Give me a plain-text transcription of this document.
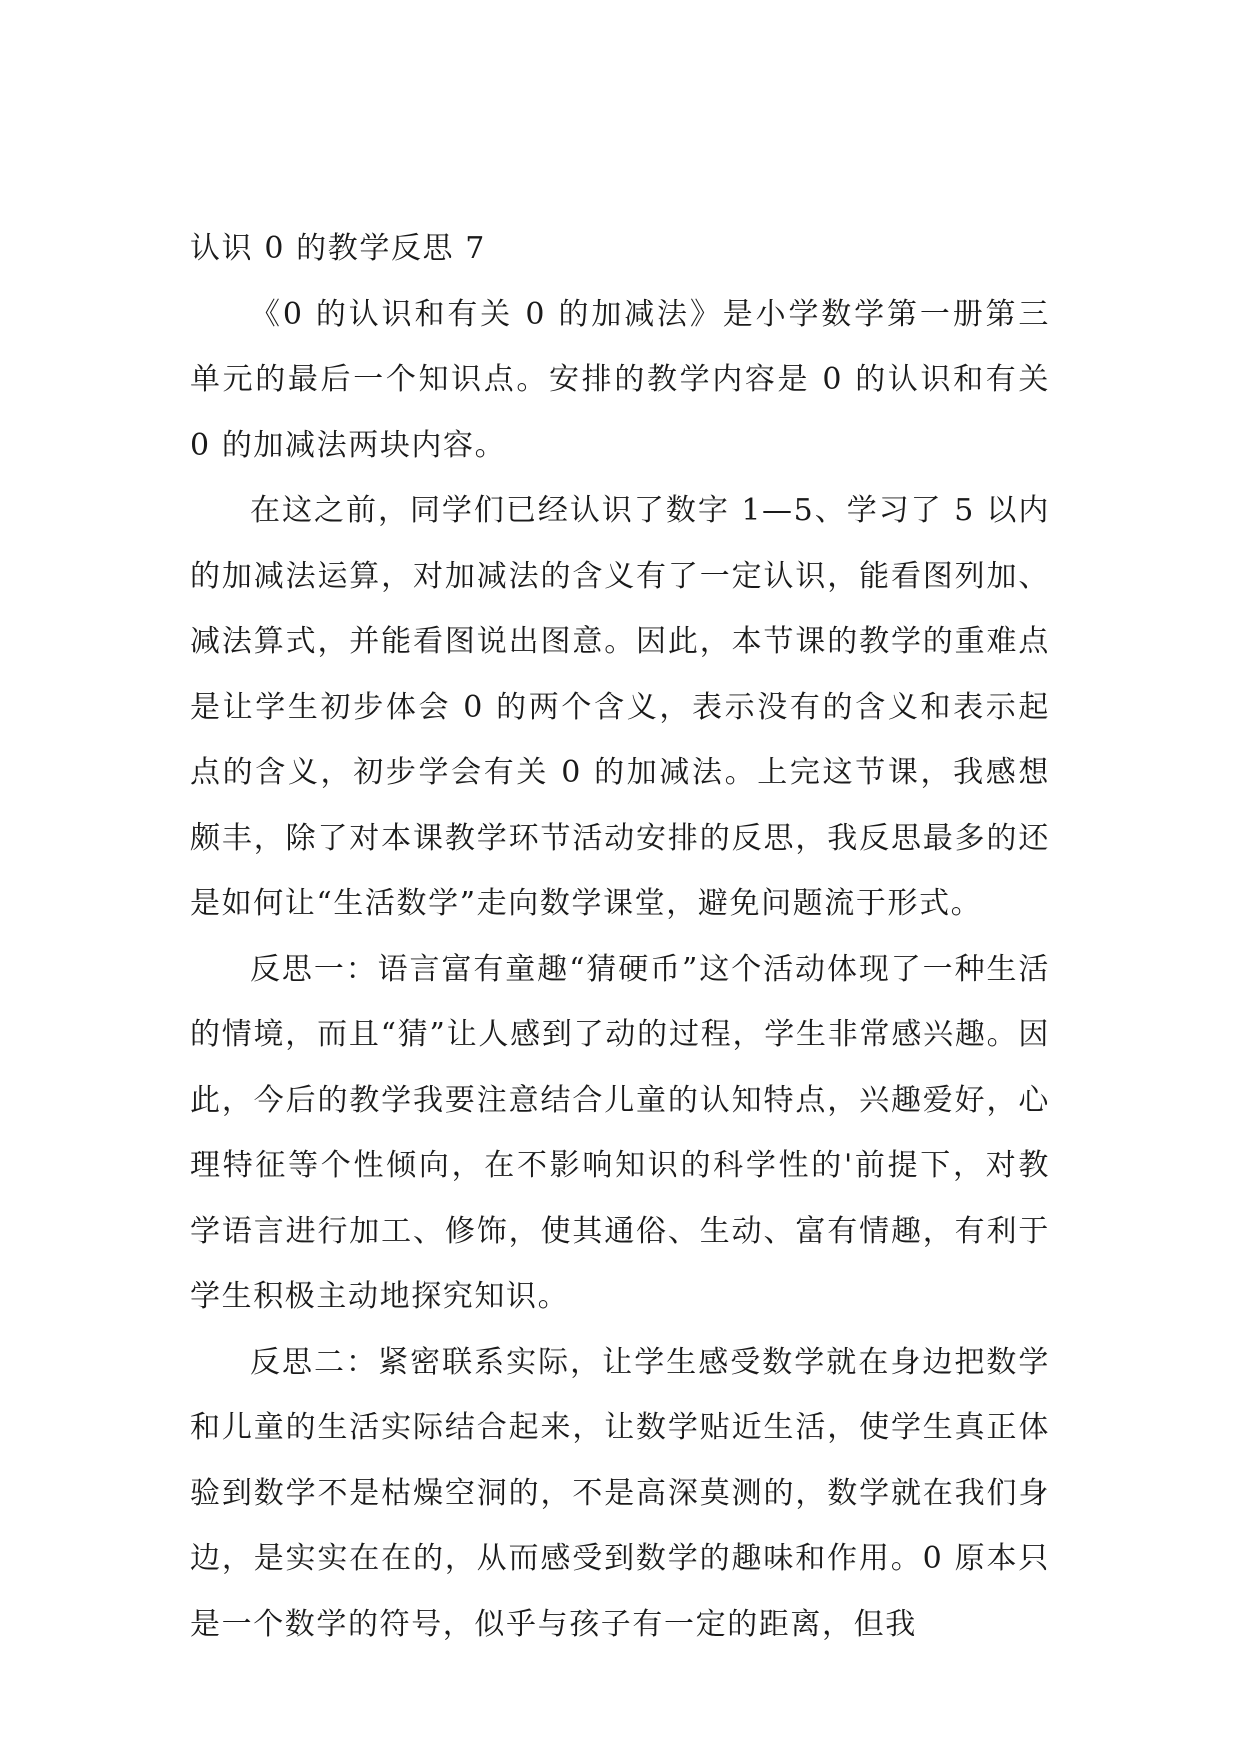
认识 0 的教学反思 7

《0 的认识和有关 0 的加减法》是小学数学第一册第三单元的最后一个知识点。安排的教学内容是 0 的认识和有关 0 的加减法两块内容。

在这之前，同学们已经认识了数字 1—5、学习了 5 以内的加减法运算，对加减法的含义有了一定认识，能看图列加、减法算式，并能看图说出图意。因此，本节课的教学的重难点是让学生初步体会 0 的两个含义，表示没有的含义和表示起点的含义，初步学会有关 0 的加减法。上完这节课，我感想颇丰，除了对本课教学环节活动安排的反思，我反思最多的还是如何让“生活数学”走向数学课堂，避免问题流于形式。

反思一：语言富有童趣“猜硬币”这个活动体现了一种生活的情境，而且“猜”让人感到了动的过程，学生非常感兴趣。因此，今后的教学我要注意结合儿童的认知特点，兴趣爱好，心理特征等个性倾向，在不影响知识的科学性的'前提下，对教学语言进行加工、修饰，使其通俗、生动、富有情趣，有利于学生积极主动地探究知识。

反思二：紧密联系实际，让学生感受数学就在身边把数学和儿童的生活实际结合起来，让数学贴近生活，使学生真正体验到数学不是枯燥空洞的，不是高深莫测的，数学就在我们身边，是实实在在的，从而感受到数学的趣味和作用。0 原本只是一个数学的符号，似乎与孩子有一定的距离，但我
